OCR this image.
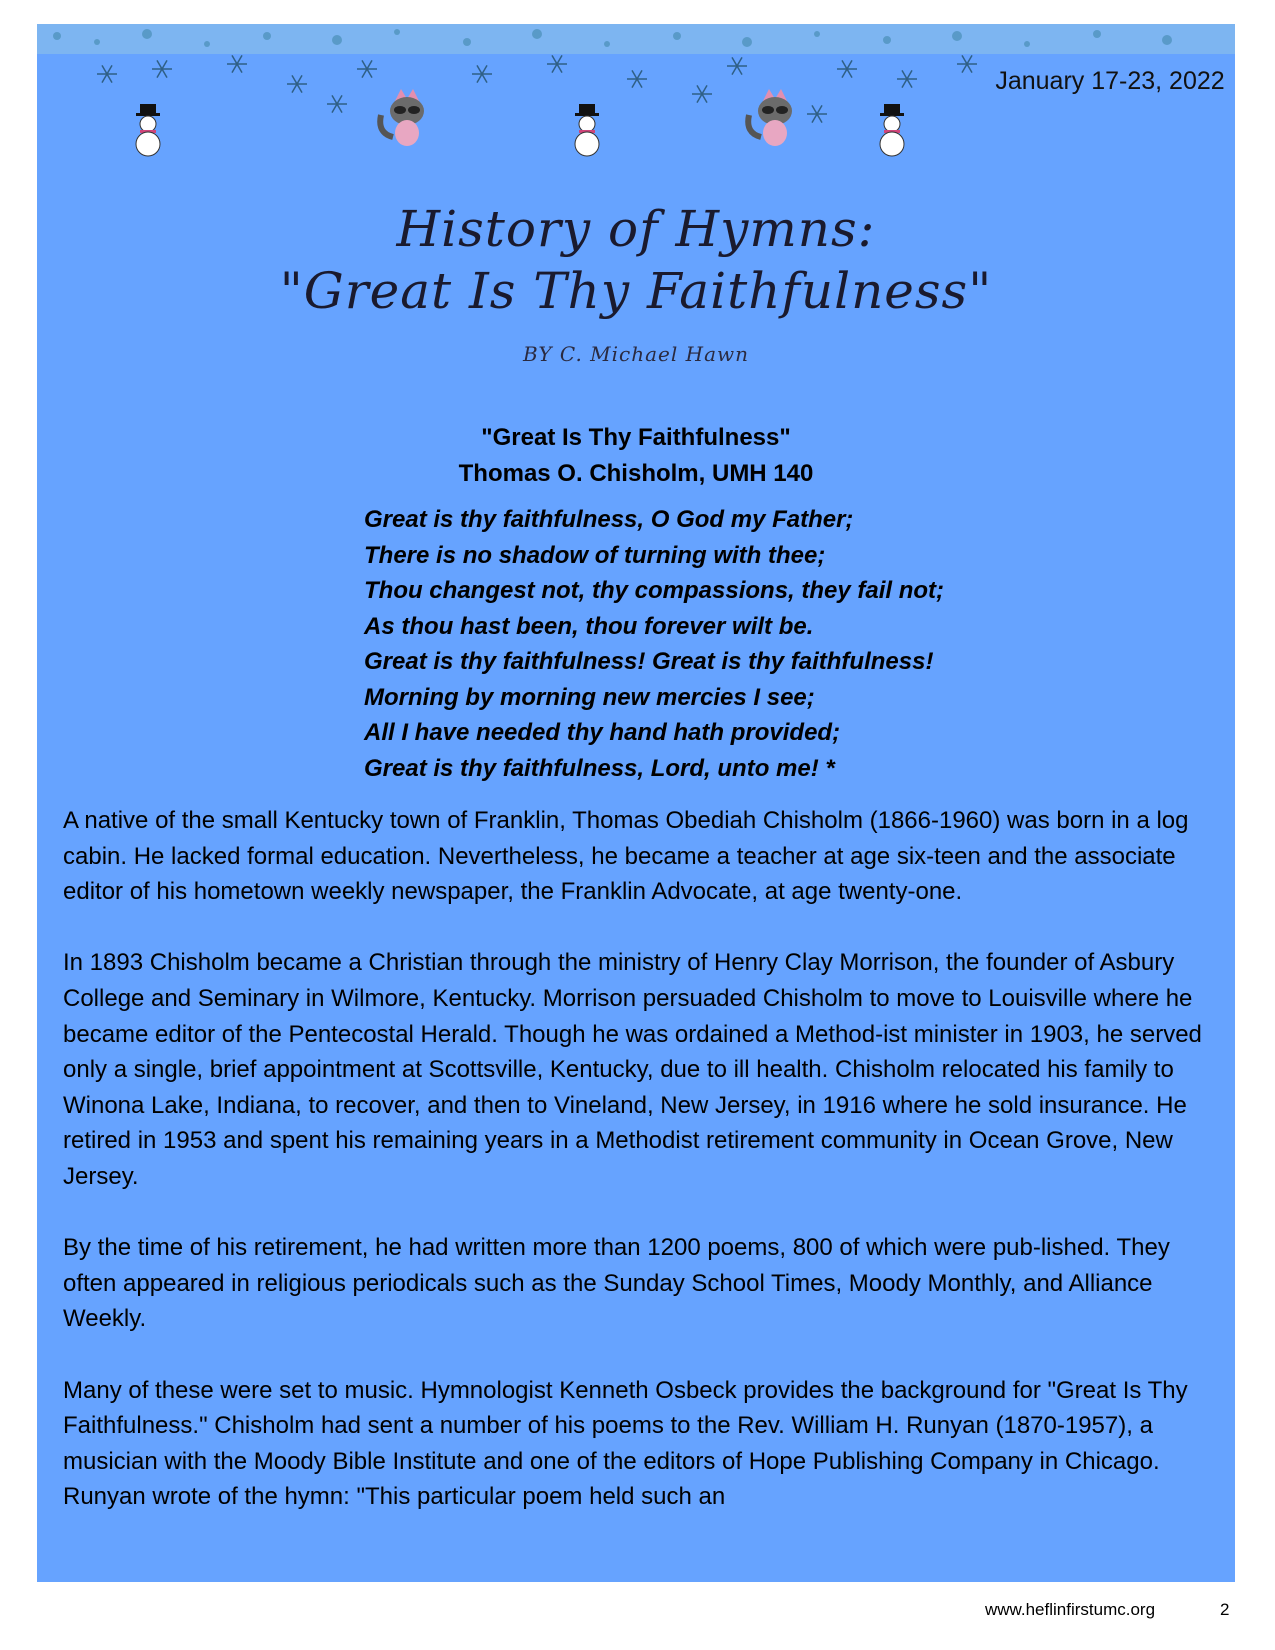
January 17-23, 2022
History of Hymns:
"Great Is Thy Faithfulness"
BY C. Michael Hawn
"Great Is Thy Faithfulness"
Thomas O. Chisholm, UMH 140
Great is thy faithfulness, O God my Father;
There is no shadow of turning with thee;
Thou changest not, thy compassions, they fail not;
As thou hast been, thou forever wilt be.
Great is thy faithfulness! Great is thy faithfulness!
Morning by morning new mercies I see;
All I have needed thy hand hath provided;
Great is thy faithfulness, Lord, unto me! *

A native of the small Kentucky town of Franklin, Thomas Obediah Chisholm (1866-1960) was born in a log cabin. He lacked formal education. Nevertheless, he became a teacher at age six-teen and the associate editor of his hometown weekly newspaper, the Franklin Advocate, at age twenty-one.

In 1893 Chisholm became a Christian through the ministry of Henry Clay Morrison, the founder of Asbury College and Seminary in Wilmore, Kentucky. Morrison persuaded Chisholm to move to Louisville where he became editor of the Pentecostal Herald. Though he was ordained a Method-ist minister in 1903, he served only a single, brief appointment at Scottsville, Kentucky, due to ill health. Chisholm relocated his family to Winona Lake, Indiana, to recover, and then to Vineland, New Jersey, in 1916 where he sold insurance. He retired in 1953 and spent his remaining years in a Methodist retirement community in Ocean Grove, New Jersey.

By the time of his retirement, he had written more than 1200 poems, 800 of which were pub-lished. They often appeared in religious periodicals such as the Sunday School Times, Moody Monthly, and Alliance Weekly.

Many of these were set to music. Hymnologist Kenneth Osbeck provides the background for "Great Is Thy Faithfulness." Chisholm had sent a number of his poems to the Rev. William H. Runyan (1870-1957), a musician with the Moody Bible Institute and one of the editors of Hope Publishing Company in Chicago. Runyan wrote of the hymn: "This particular poem held such an

www.heflinfirstumc.org	2
